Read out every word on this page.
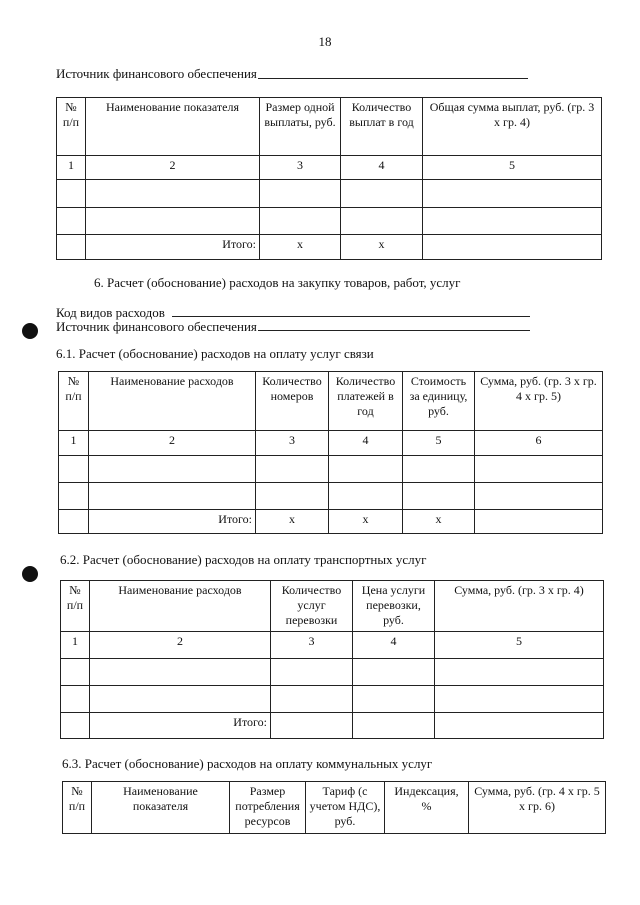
18
Источник финансового обеспечения
№ п/п	Наименование показателя	Размер одной выплаты, руб.	Количество выплат в год	Общая сумма выплат, руб. (гр. 3 x гр. 4)
1	2	3	4	5

	Итого:	x	x	
6. Расчет (обоснование) расходов на закупку товаров, работ, услуг
Код видов расходов
Источник финансового обеспечения
6.1. Расчет (обоснование) расходов на оплату услуг связи
№ п/п	Наименование расходов	Количество номеров	Количество платежей в год	Стоимость за единицу, руб.	Сумма, руб. (гр. 3 x гр. 4 x гр. 5)
1	2	3	4	5	6

	Итого:	x	x	x	
6.2. Расчет (обоснование) расходов на оплату транспортных услуг
№ п/п	Наименование расходов	Количество услуг перевозки	Цена услуги перевозки, руб.	Сумма, руб. (гр. 3 x гр. 4)
1	2	3	4	5

	Итого:			
6.3. Расчет (обоснование) расходов на оплату коммунальных услуг
№ п/п	Наименование показателя	Размер потребления ресурсов	Тариф (с учетом НДС), руб.	Индексация, %	Сумма, руб. (гр. 4 x гр. 5 x гр. 6)
